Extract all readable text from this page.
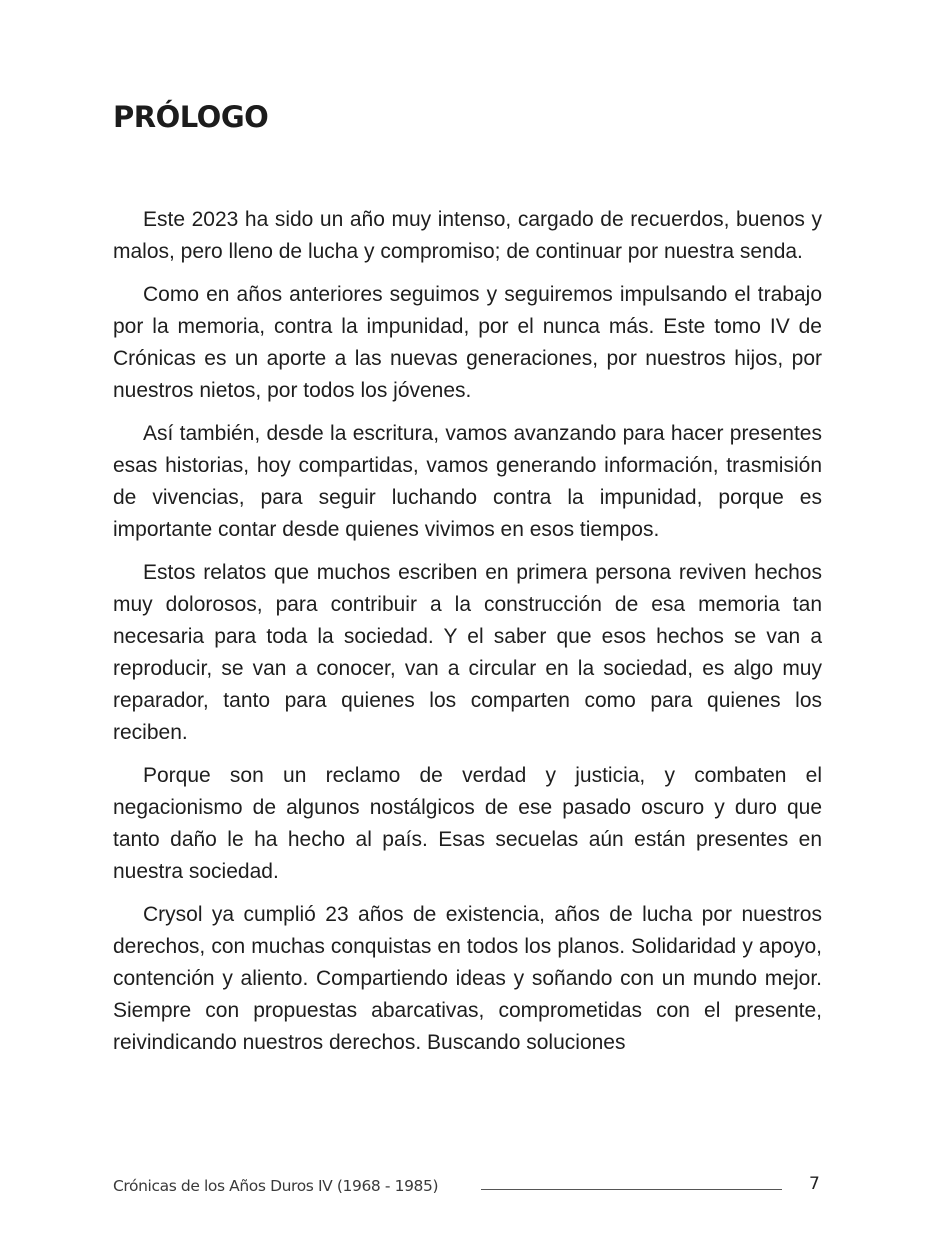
PRÓLOGO

Este 2023 ha sido un año muy intenso, cargado de recuerdos, buenos y malos, pero lleno de lucha y compromiso; de continuar por nuestra senda.

Como en años anteriores seguimos y seguiremos impulsando el trabajo por la memoria, contra la impunidad, por el nunca más. Este tomo IV de Crónicas es un aporte a las nuevas generaciones, por nuestros hijos, por nuestros nietos, por todos los jóvenes.

Así también, desde la escritura, vamos avanzando para hacer presentes esas historias, hoy compartidas, vamos generando información, trasmisión de vivencias, para seguir luchando contra la impunidad, porque es importante contar desde quienes vivimos en esos tiempos.

Estos relatos que muchos escriben en primera persona reviven hechos muy dolorosos, para contribuir a la construcción de esa memoria tan necesaria para toda la sociedad. Y el saber que esos hechos se van a reproducir, se van a conocer, van a circular en la sociedad, es algo muy reparador, tanto para quienes los comparten como para quienes los reciben.

Porque son un reclamo de verdad y justicia, y combaten el negacionismo de algunos nostálgicos de ese pasado oscuro y duro que tanto daño le ha hecho al país. Esas secuelas aún están presentes en nuestra sociedad.

Crysol ya cumplió 23 años de existencia, años de lucha por nuestros derechos, con muchas conquistas en todos los planos. Solidaridad y apoyo, contención y aliento. Compartiendo ideas y soñando con un mundo mejor. Siempre con propuestas abarcativas, comprometidas con el presente, reivindicando nuestros derechos. Buscando soluciones

Crónicas de los Años Duros IV (1968 - 1985)	7
